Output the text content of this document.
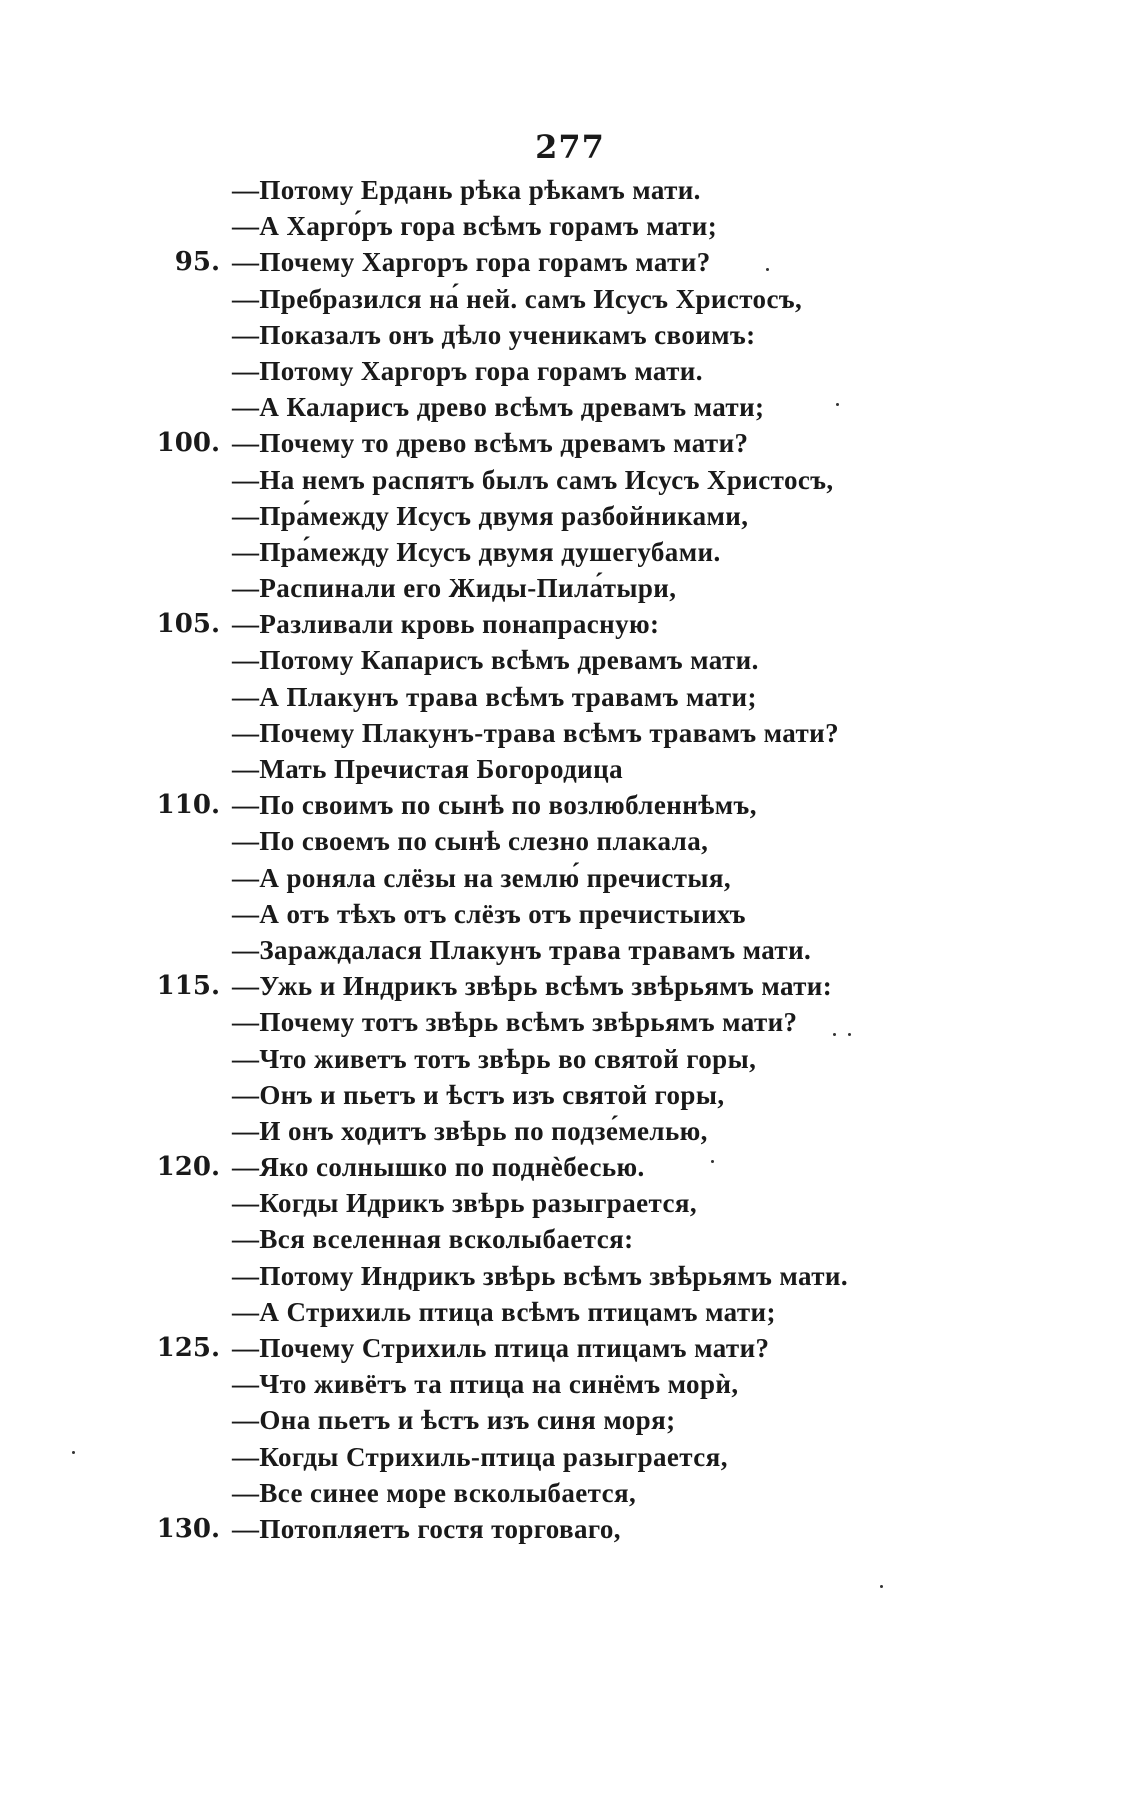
277
—Потому Ердань рѣка рѣкамъ мати.
—А Харго́ръ гора всѣмъ горамъ мати;
95. —Почему Харгоръ гора горамъ мати?
—Пребразился на́ ней. самъ Исусъ Христосъ,
—Показалъ онъ дѣло ученикамъ своимъ:
—Потому Харгоръ гора горамъ мати.
—А Каларисъ древо всѣмъ древамъ мати;
100. —Почему то древо всѣмъ древамъ мати?
—На немъ распятъ былъ самъ Исусъ Христосъ,
—Пра́между Исусъ двумя разбойниками,
—Пра́между Исусъ двумя душегубами.
—Распинали его Жиды-Пила́тыри,
105. —Разливали кровь понапрасную:
—Потому Капарисъ всѣмъ древамъ мати.
—А Плакунъ трава всѣмъ травамъ мати;
—Почему Плакунъ-трава всѣмъ травамъ мати?
—Мать Пречистая Богородица
110. —По своимъ по сынѣ по возлюбленнѣмъ,
—По своемъ по сынѣ слезно плакала,
—А роняла слёзы на землю́ пречистыя,
—А отъ тѣхъ отъ слёзъ отъ пречистыихъ
—Зараждалася Плакунъ трава травамъ мати.
115. —Ужь и Индрикъ звѣрь всѣмъ звѣрьямъ мати:
—Почему тотъ звѣрь всѣмъ звѣрьямъ мати?
—Что живетъ тотъ звѣрь во святой горы,
—Онъ и пьетъ и ѣстъ изъ святой горы,
—И онъ ходитъ звѣрь по подзе́мелью,
120. —Яко солнышко по поднѐбесью.
—Когды Идрикъ звѣрь разыграется,
—Вся вселенная всколыбается:
—Потому Индрикъ звѣрь всѣмъ звѣрьямъ мати.
—А Стрихиль птица всѣмъ птицамъ мати;
125. —Почему Стрихиль птица птицамъ мати?
—Что живётъ та птица на синёмъ морѝ,
—Она пьетъ и ѣстъ изъ синя моря;
—Когды Стрихиль-птица разыграется,
—Все синее море всколыбается,
130. —Потопляетъ гостя торговаго,
